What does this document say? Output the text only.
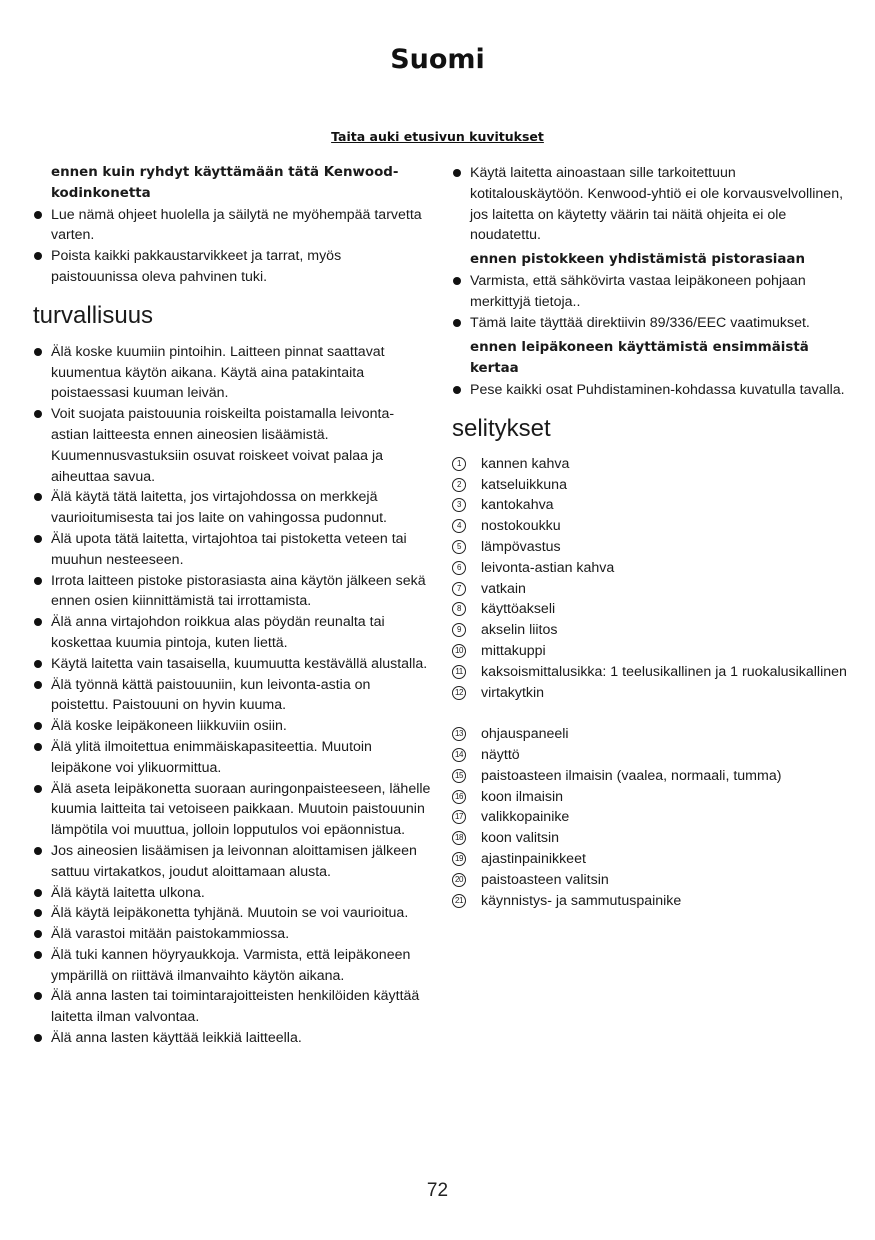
Suomi
Taita auki etusivun kuvitukset
ennen kuin ryhdyt käyttämään tätä Kenwood-kodinkonetta
Lue nämä ohjeet huolella ja säilytä ne myöhempää tarvetta varten.
Poista kaikki pakkaustarvikkeet ja tarrat, myös paistouunissa oleva pahvinen tuki.
turvallisuus
Älä koske kuumiin pintoihin. Laitteen pinnat saattavat kuumentua käytön aikana. Käytä aina patakintaita poistaessasi kuuman leivän.
Voit suojata paistouunia roiskeilta poistamalla leivonta-astian laitteesta ennen aineosien lisäämistä. Kuumennusvastuksiin osuvat roiskeet voivat palaa ja aiheuttaa savua.
Älä käytä tätä laitetta, jos virtajohdossa on merkkejä vaurioitumisesta tai jos laite on vahingossa pudonnut.
Älä upota tätä laitetta, virtajohtoa tai pistoketta veteen tai muuhun nesteeseen.
Irrota laitteen pistoke pistorasiasta aina käytön jälkeen sekä ennen osien kiinnittämistä tai irrottamista.
Älä anna virtajohdon roikkua alas pöydän reunalta tai koskettaa kuumia pintoja, kuten liettä.
Käytä laitetta vain tasaisella, kuumuutta kestävällä alustalla.
Älä työnnä kättä paistouuniin, kun leivonta-astia on poistettu. Paistouuni on hyvin kuuma.
Älä koske leipäkoneen liikkuviin osiin.
Älä ylitä ilmoitettua enimmäiskapasiteettia. Muutoin leipäkone voi ylikuormittua.
Älä aseta leipäkonetta suoraan auringonpaisteeseen, lähelle kuumia laitteita tai vetoiseen paikkaan. Muutoin paistouunin lämpötila voi muuttua, jolloin lopputulos voi epäonnistua.
Jos aineosien lisäämisen ja leivonnan aloittamisen jälkeen sattuu virtakatkos, joudut aloittamaan alusta.
Älä käytä laitetta ulkona.
Älä käytä leipäkonetta tyhjänä. Muutoin se voi vaurioitua.
Älä varastoi mitään paistokammiossa.
Älä tuki kannen höyryaukkoja. Varmista, että leipäkoneen ympärillä on riittävä ilmanvaihto käytön aikana.
Älä anna lasten tai toimintarajoitteisten henkilöiden käyttää laitetta ilman valvontaa.
Älä anna lasten käyttää leikkiä laitteella.
Käytä laitetta ainoastaan sille tarkoitettuun kotitalouskäytöön. Kenwood-yhtiö ei ole korvausvelvollinen, jos laitetta on käytetty väärin tai näitä ohjeita ei ole noudatettu.
ennen pistokkeen yhdistämistä pistorasiaan
Varmista, että sähkövirta vastaa leipäkoneen pohjaan merkittyjä tietoja..
Tämä laite täyttää direktiivin 89/336/EEC vaatimukset.
ennen leipäkoneen käyttämistä ensimmäistä kertaa
Pese kaikki osat Puhdistaminen-kohdassa kuvatulla tavalla.
selitykset
1	kannen kahva
2	katseluikkuna
3	kantokahva
4	nostokoukku
5	lämpövastus
6	leivonta-astian kahva
7	vatkain
8	käyttöakseli
9	akselin liitos
10 mittakuppi
11 kaksoismittalusikka: 1 teelusikallinen ja 1 ruokalusikallinen
12 virtakytkin
13 ohjauspaneeli
14 näyttö
15 paistoasteen ilmaisin (vaalea, normaali, tumma)
16 koon ilmaisin
17 valikkopainike
18 koon valitsin
19 ajastinpainikkeet
20 paistoasteen valitsin
21 käynnistys- ja sammutuspainike
72
